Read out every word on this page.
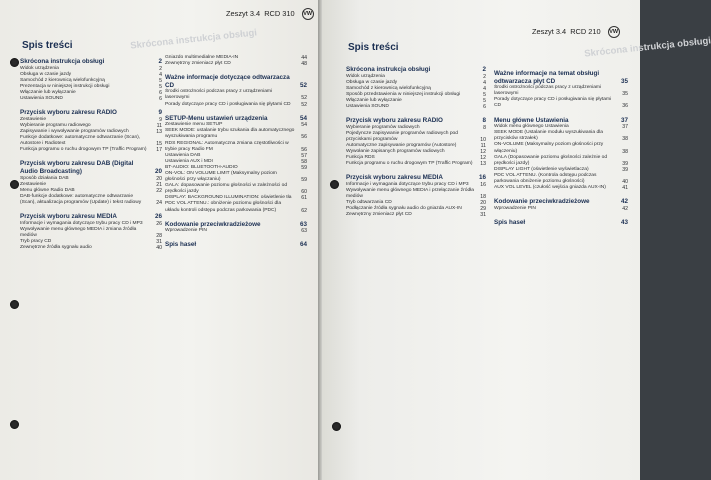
Skrócona instrukcja obsługi
Zeszyt 3.4 RCD 310 VW
Spis treści
Skrócona instrukcja obsługi	2
Widok urządzenia	2
Obsługa w czasie jazdy	4
Samochód z kierownicą wielofunkcyjną	5
Prezentacja w niniejszej instrukcji obsługi	5
Włączanie lub wyłączanie	6
Ustawienia SOUND	6
Przycisk wyboru zakresu RADIO	9
Zestawienie	9
Wybieranie programu radiowego	11
Zapisywanie i wywoływanie programów radiowych	13
Funkcje dodatkowe: automatyczne odtwarzanie (Scan), Autostore i Radiotext	15
Funkcja programu o ruchu drogowym TP (Traffic Program)	17
Przycisk wyboru zakresu DAB (Digital Audio Broadcasting)	20
Sposób działania DAB	20
Zestawienie	21
Menu główne Radio DAB	22
DAB-funkcje dodatkowe: automatyczne odtwarzanie (Scan), aktualizacja programów (Update) i tekst radiowy	24
Przycisk wyboru zakresu MEDIA	26
Informacje i wymagania dotyczące trybu pracy CD i MP3	26
Wywoływanie menu głównego MEDIA i zmiana źródła mediów	28
Tryb pracy CD	31
Zewnętrzne źródła sygnału audio	40
Gniazdo multimedialne MEDIA-IN	44
Zewnętrzny zmieniacz płyt CD	48
Ważne informacje dotyczące odtwarzacza CD	52
Środki ostrożności podczas pracy z urządzeniami laserowymi	52
Porady dotyczące pracy CD i posługiwania się płytami CD	52
SETUP-Menu ustawień urządzenia	54
Zestawienie menu SETUP	54
SEEK MODE: ustalanie trybu szukania dla automatycznego wyszukiwania programu	56
RDS REGIONAL: Automatyczna zmiana częstotliwości w trybie pracy Radio FM	56
Ustawienia DAB	57
Ustawienia AUX i MDI	58
BT-AUDIO: BLUETOOTH-AUDIO	59
ON-VOL: ON VOLUME LIMIT (Maksymalny poziom głośności przy włączaniu)	59
GALA: dopasowanie poziomu głośności w zależności od prędkości jazdy	60
DISPLAY: BACKGROUND ILLUMINATION: oświetlenie tła	61
PDC VOL ATTENU.: obniżenie poziomu głośności dla układu kontroli odstępu podczas parkowania (PDC)	62
Kodowanie przeciwkradzieżowe	63
Wprowadzenie PIN	63
Spis haseł	64
Skrócona instrukcja obsługi
Zeszyt 3.4 RCD 210 VW
Spis treści
Skrócona instrukcja obsługi	2
Widok urządzenia	2
Obsługa w czasie jazdy	4
Samochód z kierownicą wielofunkcyjną	4
Sposób przedstawienia w niniejszej instrukcji obsługi	5
Włączanie lub wyłączanie	5
Ustawienia SOUND	6
Przycisk wyboru zakresu RADIO	8
Wybieranie programów radiowych	8
Pojedyncze zapisywanie programów radiowych pod przyciskami programów	10
Automatyczne zapisywanie programów (Autostore)	11
Wywołanie zapisanych programów radiowych	12
Funkcja RDS	12
Funkcja programu o ruchu drogowym TP (Traffic Program)	13
Przycisk wyboru zakresu MEDIA	16
Informacje i wymagania dotyczące trybu pracy CD i MP3	16
Wywoływanie menu głównego MEDIA i przełączanie źródła mediów	18
Tryb odtwarzania CD	20
Podłączanie źródła sygnału audio do gniazda AUX-IN	29
Zewnętrzny zmieniacz płyt CD	31
Ważne informacje na temat obsługi odtwarzacza płyt CD	35
Środki ostrożności podczas pracy z urządzeniami laserowymi	35
Porady dotyczące pracy CD i posługiwania się płytami CD	36
Menu główne Ustawienia	37
Widok menu głównego Ustawienia	37
SEEK MODE (Ustalanie modułu wyszukiwania dla przycisków strzałek)	38
ON-VOLUME (Maksymalny poziom głośności przy włączeniu)	38
GALA (Dopasowanie poziomu głośności zależnie od prędkości jazdy)	39
DISPLAY LIGHT (oświetlenie wyświetlacza)	39
PDC VOL ATTENU. (Kontrola odstępu podczas parkowania obniżenie poziomu głośności)	40
AUX VOL LEVEL (czułość wejścia gniazda AUX-IN)	41
Kodowanie przeciwkradzieżowe	42
Wprowadzenie PIN	42
Spis haseł	43
